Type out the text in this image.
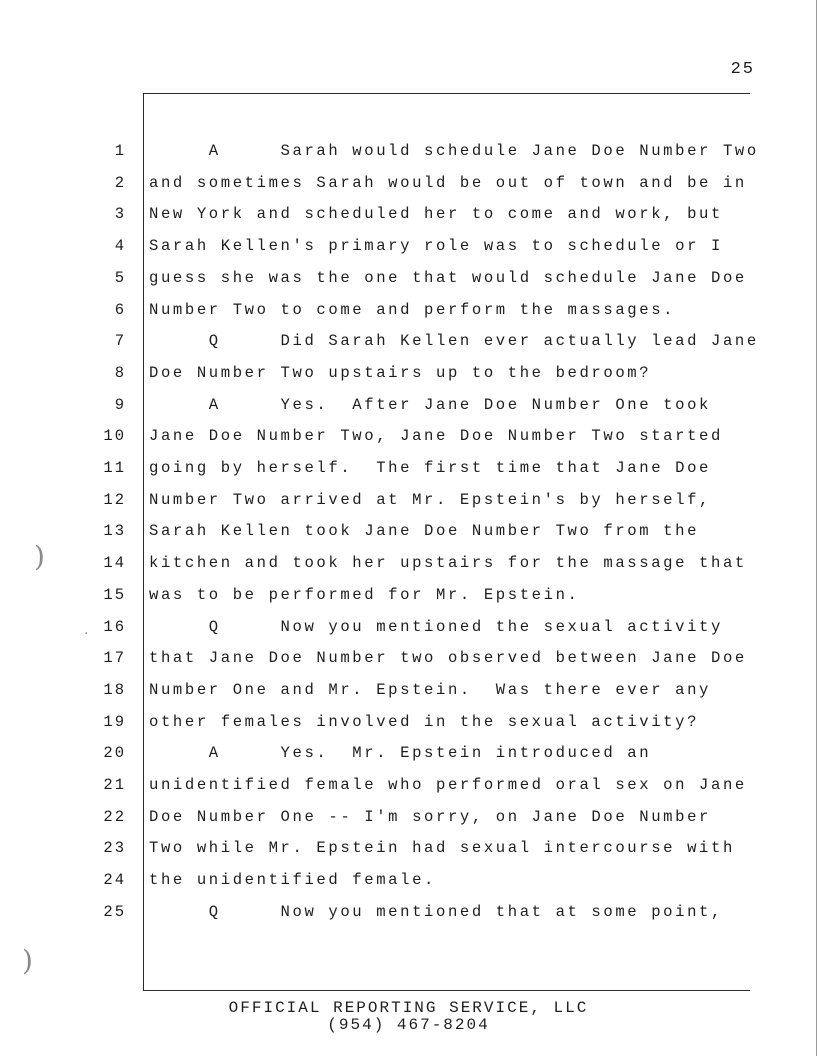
25
1 A     Sarah would schedule Jane Doe Number Two
2 and sometimes Sarah would be out of town and be in
3 New York and scheduled her to come and work, but
4 Sarah Kellen's primary role was to schedule or I
5 guess she was the one that would schedule Jane Doe
6 Number Two to come and perform the massages.
7 Q     Did Sarah Kellen ever actually lead Jane
8 Doe Number Two upstairs up to the bedroom?
9 A     Yes.  After Jane Doe Number One took
10 Jane Doe Number Two, Jane Doe Number Two started
11 going by herself.  The first time that Jane Doe
12 Number Two arrived at Mr. Epstein's by herself,
13 Sarah Kellen took Jane Doe Number Two from the
14 kitchen and took her upstairs for the massage that
15 was to be performed for Mr. Epstein.
16 Q     Now you mentioned the sexual activity
17 that Jane Doe Number two observed between Jane Doe
18 Number One and Mr. Epstein.  Was there ever any
19 other females involved in the sexual activity?
20 A     Yes.  Mr. Epstein introduced an
21 unidentified female who performed oral sex on Jane
22 Doe Number One -- I'm sorry, on Jane Doe Number
23 Two while Mr. Epstein had sexual intercourse with
24 the unidentified female.
25 Q     Now you mentioned that at some point,
)
)
.
OFFICIAL REPORTING SERVICE, LLC
(954) 467-8204
